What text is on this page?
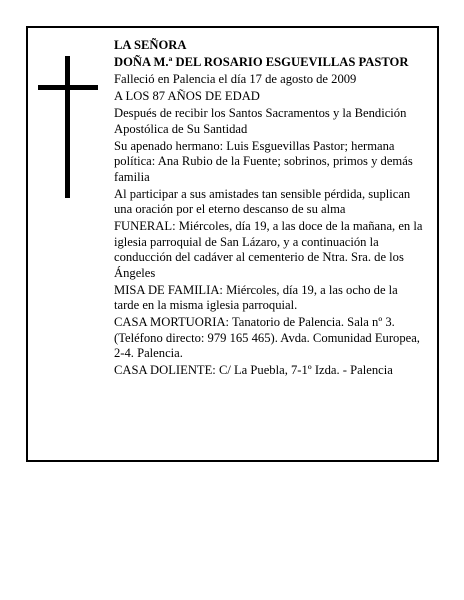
LA SEÑORA

DOÑA M.ª DEL ROSARIO ESGUEVILLAS PASTOR

Falleció en Palencia el día 17 de agosto de 2009

A LOS 87 AÑOS DE EDAD

Después de recibir los Santos Sacramentos y la Bendición Apostólica de Su Santidad

Su apenado hermano: Luis Esguevillas Pastor; hermana política: Ana Rubio de la Fuente; sobrinos, primos y demás familia

Al participar a sus amistades tan sensible pérdida, suplican una oración por el eterno descanso de su alma

FUNERAL: Miércoles, día 19, a las doce de la mañana, en la iglesia parroquial de San Lázaro, y a continuación la conducción del cadáver al cementerio de Ntra. Sra. de los Ángeles

MISA DE FAMILIA: Miércoles, día 19, a las ocho de la tarde en la misma iglesia parroquial.

CASA MORTUORIA: Tanatorio de Palencia. Sala nº 3. (Teléfono directo: 979 165 465). Avda. Comunidad Europea, 2-4. Palencia.

CASA DOLIENTE: C/ La Puebla, 7-1º Izda. - Palencia
